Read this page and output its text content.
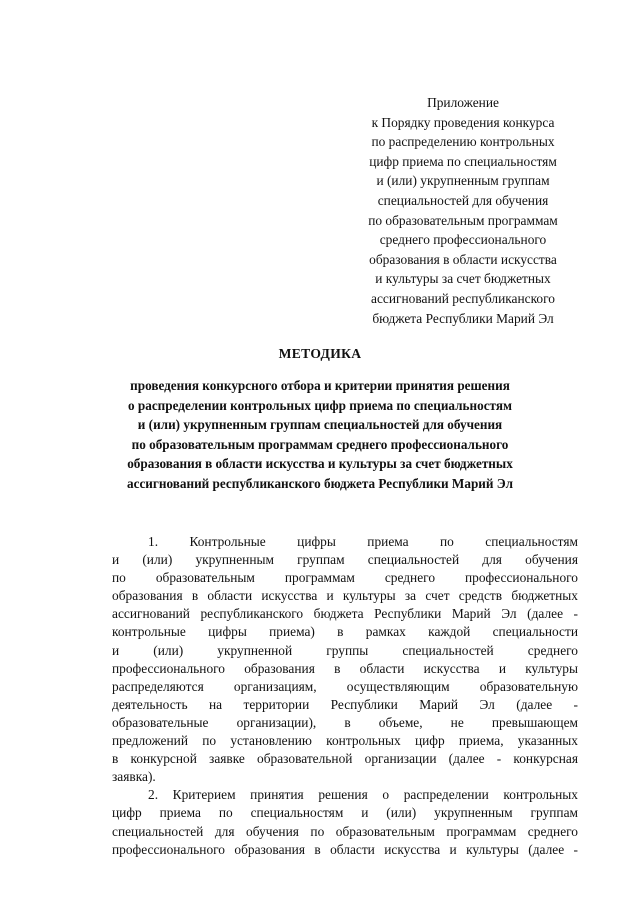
Приложение
к Порядку проведения конкурса
по распределению контрольных
цифр приема по специальностям
и (или) укрупненным группам
специальностей для обучения
по образовательным программам
среднего профессионального
образования в области искусства
и культуры за счет бюджетных
ассигнований республиканского
бюджета Республики Марий Эл
МЕТОДИКА
проведения конкурсного отбора и критерии принятия решения
о распределении контрольных цифр приема по специальностям
и (или) укрупненным группам специальностей для обучения
по образовательным программам среднего профессионального
образования в области искусства и культуры за счет бюджетных
ассигнований республиканского бюджета Республики Марий Эл
1. Контрольные цифры приема по специальностям
и (или) укрупненным группам специальностей для обучения
по образовательным программам среднего профессионального
образования в области искусства и культуры за счет средств бюджетных
ассигнований республиканского бюджета Республики Марий Эл (далее -
контрольные цифры приема) в рамках каждой специальности
и (или) укрупненной группы специальностей среднего
профессионального образования в области искусства и культуры
распределяются организациям, осуществляющим образовательную
деятельность на территории Республики Марий Эл (далее -
образовательные организации), в объеме, не превышающем
предложений по установлению контрольных цифр приема, указанных
в конкурсной заявке образовательной организации (далее - конкурсная
заявка).
2. Критерием принятия решения о распределении контрольных
цифр приема по специальностям и (или) укрупненным группам
специальностей для обучения по образовательным программам среднего
профессионального образования в области искусства и культуры (далее -
